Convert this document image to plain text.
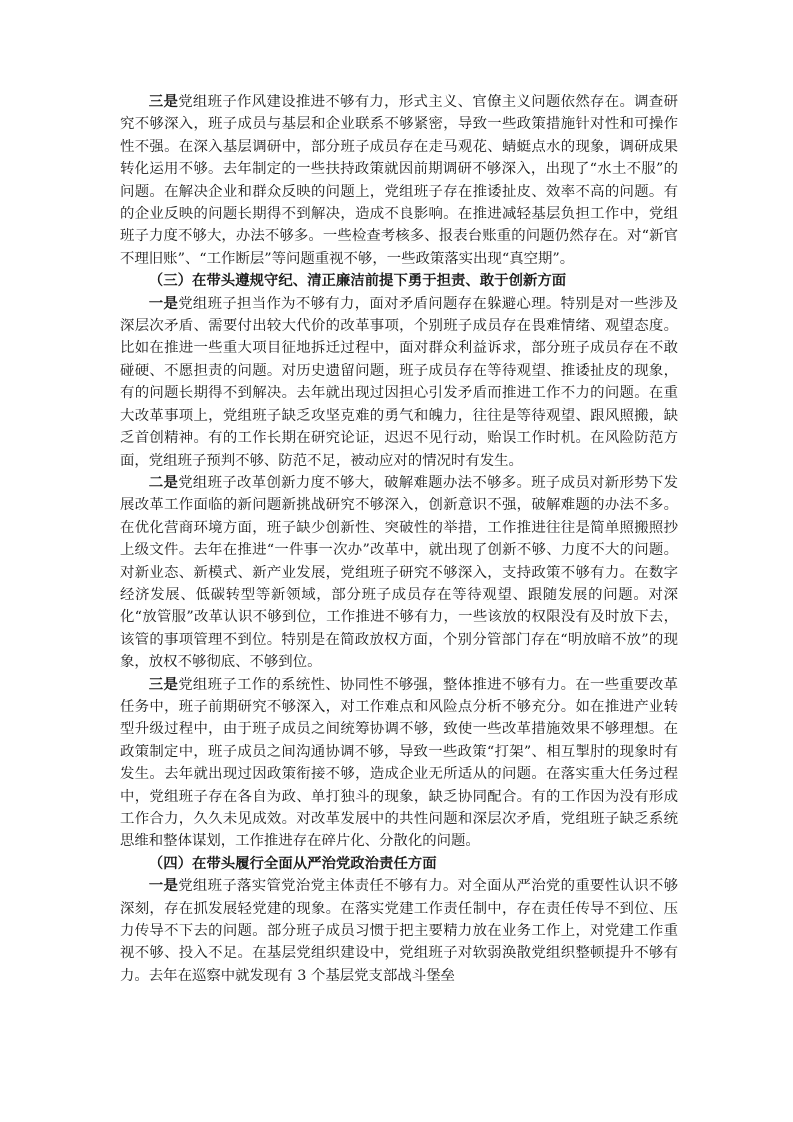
三是党组班子作风建设推进不够有力，形式主义、官僚主义问题依然存在。调查研究不够深入，班子成员与基层和企业联系不够紧密，导致一些政策措施针对性和可操作性不强。在深入基层调研中，部分班子成员存在走马观花、蜻蜓点水的现象，调研成果转化运用不够。去年制定的一些扶持政策就因前期调研不够深入，出现了“水土不服”的问题。在解决企业和群众反映的问题上，党组班子存在推诿扯皮、效率不高的问题。有的企业反映的问题长期得不到解决，造成不良影响。在推进减轻基层负担工作中，党组班子力度不够大，办法不够多。一些检查考核多、报表台账重的问题仍然存在。对“新官不理旧账”、“工作断层”等问题重视不够，一些政策落实出现“真空期”。

（三）在带头遵规守纪、清正廉洁前提下勇于担责、敢于创新方面

一是党组班子担当作为不够有力，面对矛盾问题存在躲避心理。特别是对一些涉及深层次矛盾、需要付出较大代价的改革事项，个别班子成员存在畏难情绪、观望态度。比如在推进一些重大项目征地拆迁过程中，面对群众利益诉求，部分班子成员存在不敢碰硬、不愿担责的问题。对历史遗留问题，班子成员存在等待观望、推诿扯皮的现象，有的问题长期得不到解决。去年就出现过因担心引发矛盾而推进工作不力的问题。在重大改革事项上，党组班子缺乏攻坚克难的勇气和魄力，往往是等待观望、跟风照搬，缺乏首创精神。有的工作长期在研究论证，迟迟不见行动，贻误工作时机。在风险防范方面，党组班子预判不够、防范不足，被动应对的情况时有发生。

二是党组班子改革创新力度不够大，破解难题办法不够多。班子成员对新形势下发展改革工作面临的新问题新挑战研究不够深入，创新意识不强，破解难题的办法不多。在优化营商环境方面，班子缺少创新性、突破性的举措，工作推进往往是简单照搬照抄上级文件。去年在推进“一件事一次办”改革中，就出现了创新不够、力度不大的问题。对新业态、新模式、新产业发展，党组班子研究不够深入，支持政策不够有力。在数字经济发展、低碳转型等新领域，部分班子成员存在等待观望、跟随发展的问题。对深化“放管服”改革认识不够到位，工作推进不够有力，一些该放的权限没有及时放下去，该管的事项管理不到位。特别是在简政放权方面，个别分管部门存在“明放暗不放”的现象，放权不够彻底、不够到位。

三是党组班子工作的系统性、协同性不够强，整体推进不够有力。在一些重要改革任务中，班子前期研究不够深入，对工作难点和风险点分析不够充分。如在推进产业转型升级过程中，由于班子成员之间统筹协调不够，致使一些改革措施效果不够理想。在政策制定中，班子成员之间沟通协调不够，导致一些政策“打架”、相互掣肘的现象时有发生。去年就出现过因政策衔接不够，造成企业无所适从的问题。在落实重大任务过程中，党组班子存在各自为政、单打独斗的现象，缺乏协同配合。有的工作因为没有形成工作合力，久久未见成效。对改革发展中的共性问题和深层次矛盾，党组班子缺乏系统思维和整体谋划，工作推进存在碎片化、分散化的问题。

（四）在带头履行全面从严治党政治责任方面

一是党组班子落实管党治党主体责任不够有力。对全面从严治党的重要性认识不够深刻，存在抓发展轻党建的现象。在落实党建工作责任制中，存在责任传导不到位、压力传导不下去的问题。部分班子成员习惯于把主要精力放在业务工作上，对党建工作重视不够、投入不足。在基层党组织建设中，党组班子对软弱涣散党组织整顿提升不够有力。去年在巡察中就发现有 3 个基层党支部战斗堡垒
